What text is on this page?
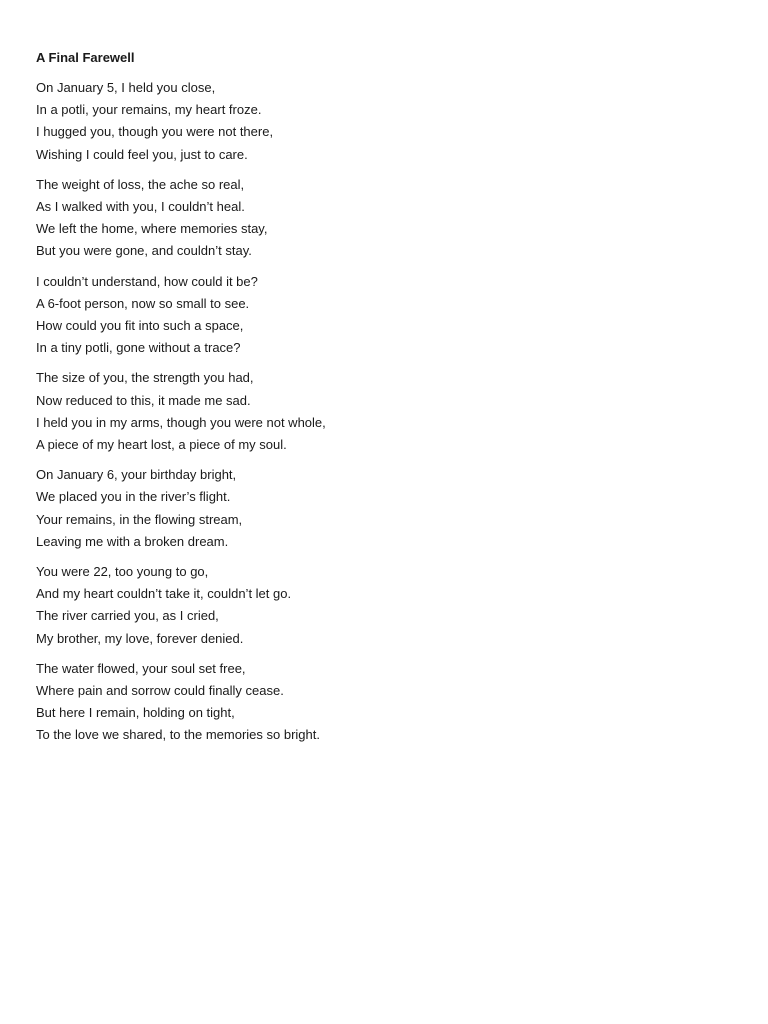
A Final Farewell
On January 5, I held you close,
In a potli, your remains, my heart froze.
I hugged you, though you were not there,
Wishing I could feel you, just to care.
The weight of loss, the ache so real,
As I walked with you, I couldn’t heal.
We left the home, where memories stay,
But you were gone, and couldn’t stay.
I couldn’t understand, how could it be?
A 6-foot person, now so small to see.
How could you fit into such a space,
In a tiny potli, gone without a trace?
The size of you, the strength you had,
Now reduced to this, it made me sad.
I held you in my arms, though you were not whole,
A piece of my heart lost, a piece of my soul.
On January 6, your birthday bright,
We placed you in the river’s flight.
Your remains, in the flowing stream,
Leaving me with a broken dream.
You were 22, too young to go,
And my heart couldn’t take it, couldn’t let go.
The river carried you, as I cried,
My brother, my love, forever denied.
The water flowed, your soul set free,
Where pain and sorrow could finally cease.
But here I remain, holding on tight,
To the love we shared, to the memories so bright.
